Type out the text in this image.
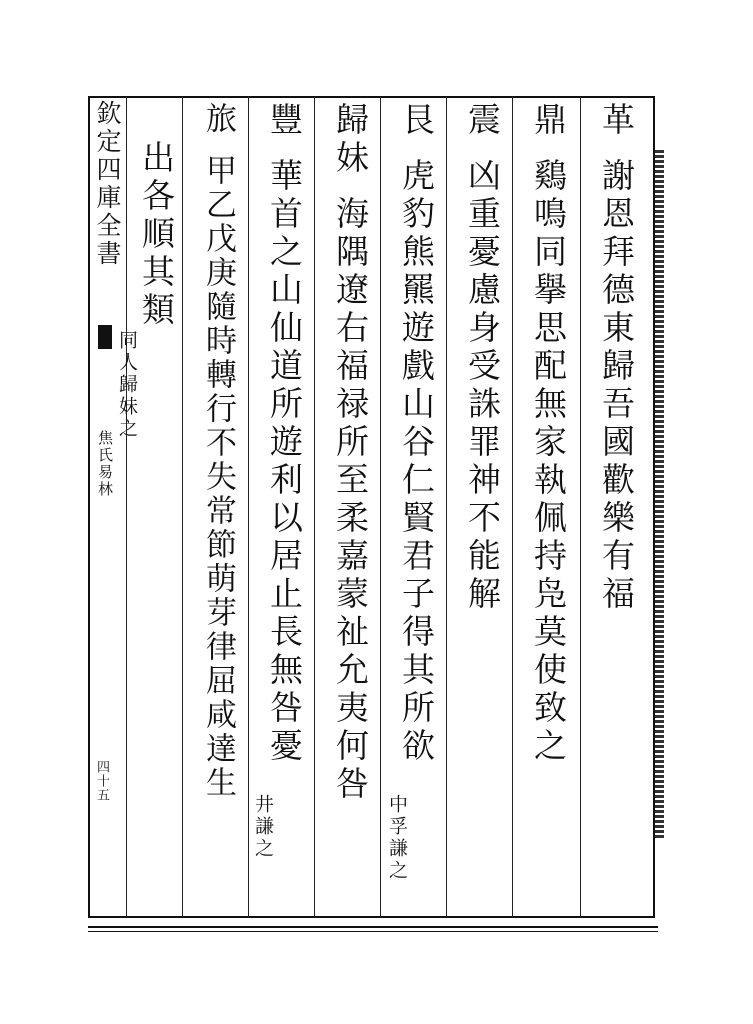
欽定四庫全書
焦氏易林
四十五
革謝恩拜德東歸吾國歡樂有福
鼎鷄鳴同擧思配無家執佩持凫莫使致之
震凶重憂慮身受誅罪神不能解
艮虎豹熊羆遊戲山谷仁賢君子得其所欲
中孚謙之
歸妹海隅遼右福禄所至柔嘉蒙祉允夷何咎
豐華首之山仙道所遊利以居止長無咎憂
井謙之
旅甲乙戊庚隨時轉行不失常節萌芽律屈咸達生
出各順其類
同人歸妹之
